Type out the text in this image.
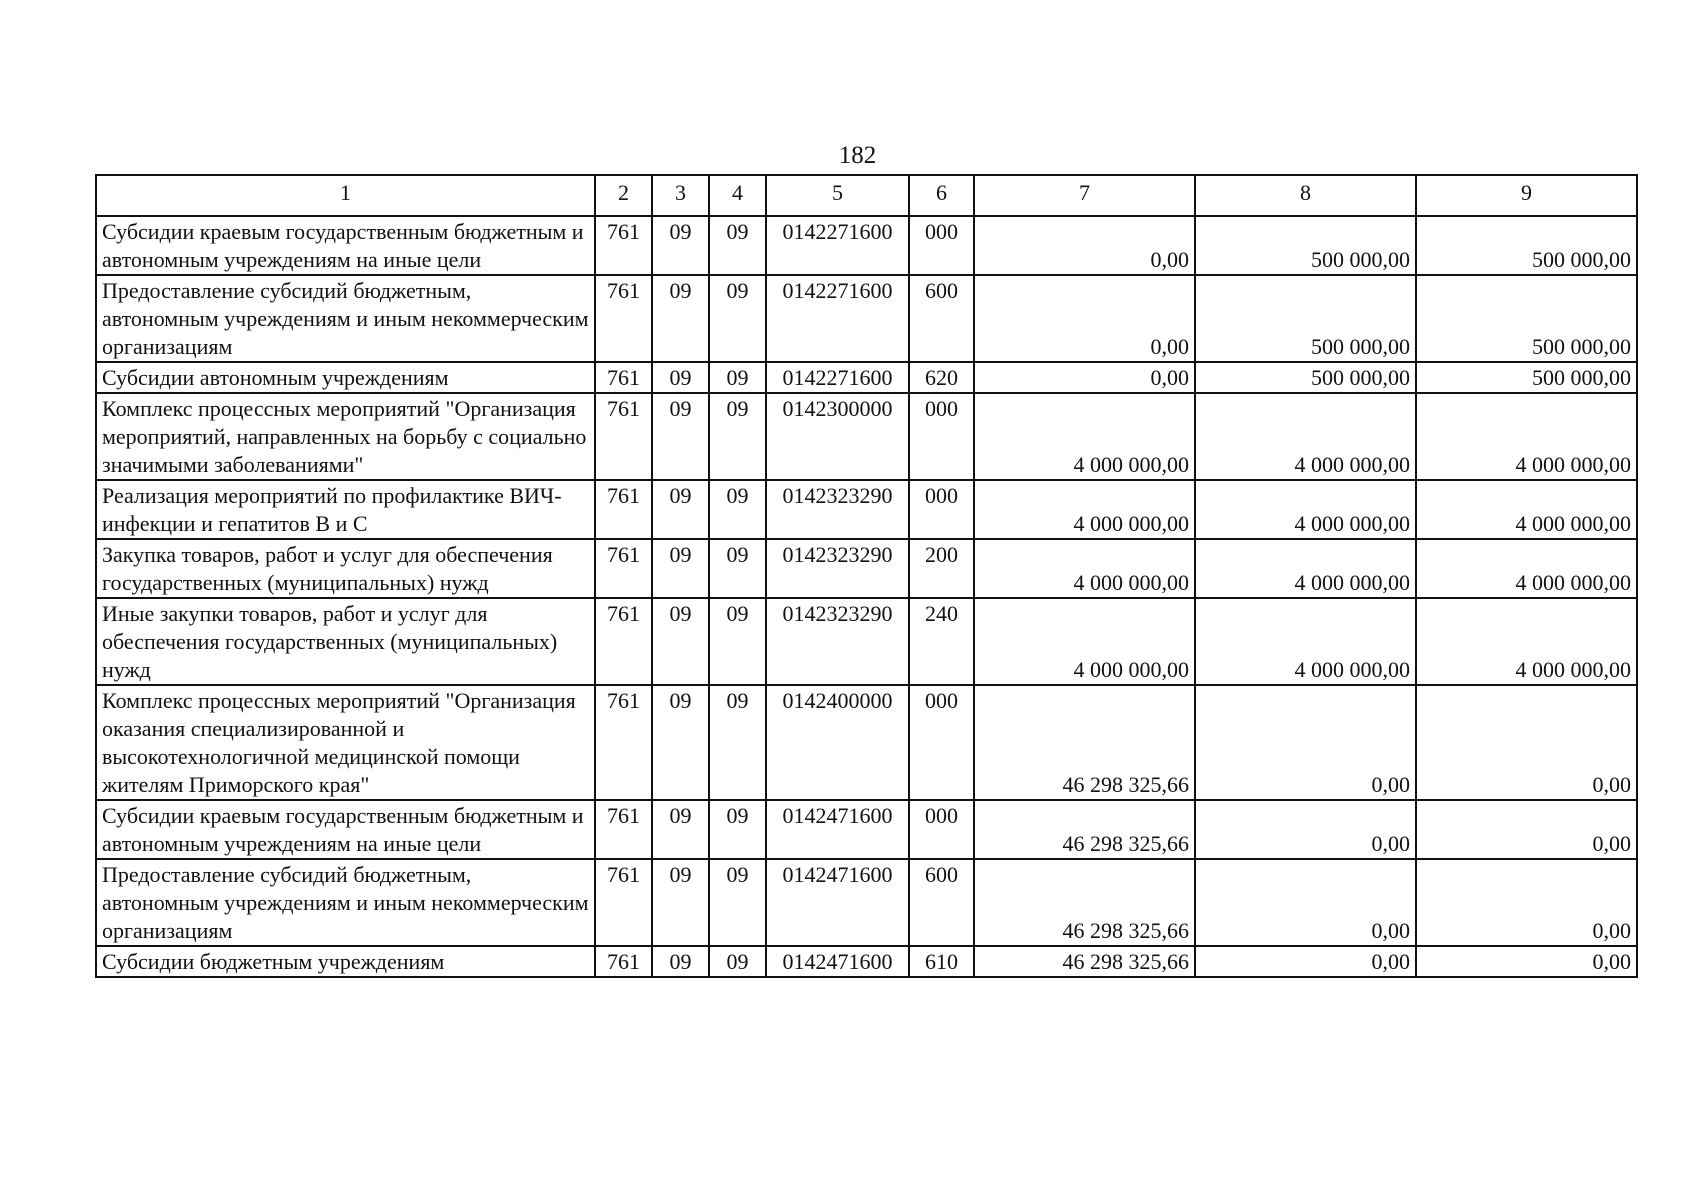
182
1	2	3	4	5	6	7	8	9
Субсидии краевым государственным бюджетным и автономным учреждениям на иные цели	761	09	09	0142271600	000	0,00	500 000,00	500 000,00
Предоставление субсидий бюджетным, автономным учреждениям и иным некоммерческим организациям	761	09	09	0142271600	600	0,00	500 000,00	500 000,00
Субсидии автономным учреждениям	761	09	09	0142271600	620	0,00	500 000,00	500 000,00
Комплекс процессных мероприятий "Организация мероприятий, направленных на борьбу с социально значимыми заболеваниями"	761	09	09	0142300000	000	4 000 000,00	4 000 000,00	4 000 000,00
Реализация мероприятий по профилактике ВИЧ-инфекции и гепатитов В и С	761	09	09	0142323290	000	4 000 000,00	4 000 000,00	4 000 000,00
Закупка товаров, работ и услуг для обеспечения государственных (муниципальных) нужд	761	09	09	0142323290	200	4 000 000,00	4 000 000,00	4 000 000,00
Иные закупки товаров, работ и услуг для обеспечения государственных (муниципальных) нужд	761	09	09	0142323290	240	4 000 000,00	4 000 000,00	4 000 000,00
Комплекс процессных мероприятий "Организация оказания специализированной и высокотехнологичной медицинской помощи жителям Приморского края"	761	09	09	0142400000	000	46 298 325,66	0,00	0,00
Субсидии краевым государственным бюджетным и автономным учреждениям на иные цели	761	09	09	0142471600	000	46 298 325,66	0,00	0,00
Предоставление субсидий бюджетным, автономным учреждениям и иным некоммерческим организациям	761	09	09	0142471600	600	46 298 325,66	0,00	0,00
Субсидии бюджетным учреждениям	761	09	09	0142471600	610	46 298 325,66	0,00	0,00
